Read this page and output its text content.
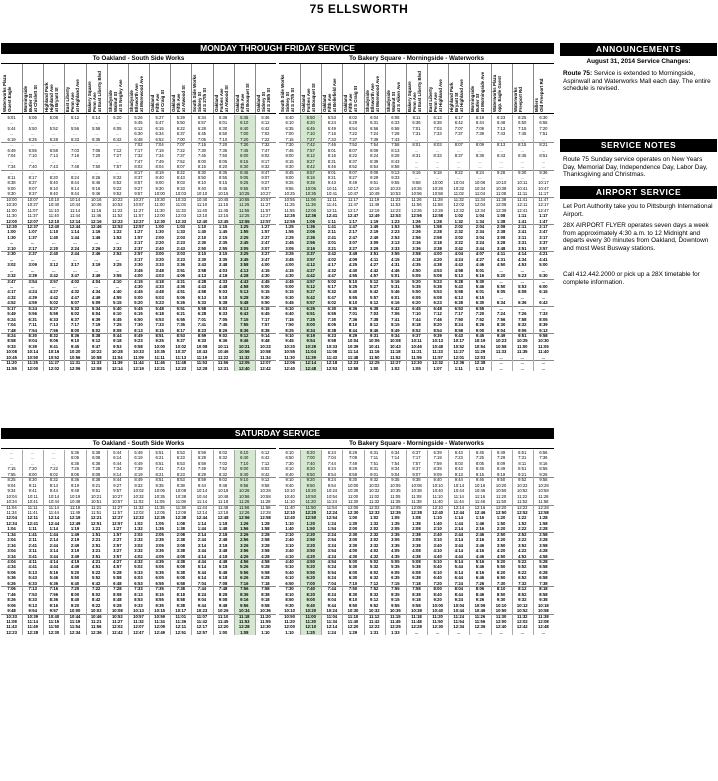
75 ELLSWORTH
MONDAY THROUGH FRIDAY SERVICE
To Oakland - South Side Works	To Bakery Square - Morningside - Waterworks
Waterworks Plaza
Guest Eagle	Morningside
Butler St
at Chislett St
Highland Park
Highland Ave
at Bryant St
East Liberty
Penn Ave
at Highland Ave
Bakery Square
Penn Ave
at East Liberty Blvd
Shadyside
Walnut St
at S Negley Ave
Shadyside
Ellsworth Ave
at Morewood Ave
Oakland
Fifth Ave
at Craig St
Oakland
Fifth Ave
at Atwood St
South Side Works
Sidney St
at S 27th St
Oakland
Forbes Ave
at Atwood St
Oakland
Fifth Ave
at Bouquet St
Oakland
Sidney St
at S 26th St
South Side Works
Sidney St
at S 27th St
Oakland
Forbes Ave
at Bouquet St
Oakland
Fifth Ave
at Bellefield Ave
Oakland
Fifth Ave
at S Craig St
Shadyside
Ellsworth Ave
at Morewood Ave
Shadyside
Walnut St
at S Aiken Ave
Bakery Square
Penn Ave
at East Liberty Blvd
East Liberty
Penn Ave
at Highland Ave
Highland Park
Bryant St
at Highland Ave
Morningside
Butler St
at Morningside Ave
Waterworks Plaza
opp. Eagle Guest
Waterworks
Freeport Rd
Millers
Old Freeport Rd
5:01	5:06	5:08	5:12	5:14	5:20	5:26	5:27	5:29	5:34	5:36	5:45	5:46
...	...	...	...	...	...	5:45	5:47	5:50	5:57	6:01	6:10	6:12
5:44	5:50	5:52	5:56	5:58	6:05	6:12	6:15	6:22	6:28	6:30	6:40	6:42
...	...	...	...	...	...	6:30	6:34	6:37	6:45	6:50	7:00	7:02
6:19	6:25	6:28	6:33	6:35	6:42	6:48	6:52	7:00	7:05	7:10	7:20	7:22
...	...	...	...	...	...	7:02	7:04	7:07	7:15	7:20	7:30	7:32
6:49	6:55	6:58	7:03	7:05	7:12	7:17	7:19	7:22	7:30	7:35	7:45	7:47
7:04	7:10	7:13	7:18	7:20	7:27	7:32	7:34	7:37	7:45	7:50	8:00	8:02
...	...	...	...	...	...	7:47	7:49	7:52	8:00	8:05	8:15	8:17
7:34	7:40	7:43	7:48	7:50	7:57	8:02	8:04	8:07	8:15	8:20	8:30	8:32
...	...	...	...	...	...	8:17	8:19	8:22	8:30	8:35	8:45	8:47
8:11	8:17	8:20	8:24	8:26	8:32	8:37	8:40	8:43	8:50	8:55	9:05	9:07
8:38	8:37	8:40	8:44	8:46	8:52	8:57	9:00	9:03	9:10	9:15	9:25	9:27
9:00	9:07	9:10	9:14	9:16	9:22	9:27	9:30	9:33	9:40	9:45	9:55	9:57
9:30	9:37	9:40	9:44	9:46	9:52	9:57	10:00	10:03	10:10	10:15	10:25	10:27
10:00	10:07	10:10	10:14	10:16	10:22	10:27	10:30	10:33	10:40	10:45	10:55	10:57
10:30	10:37	10:40	10:44	10:46	10:52	10:57	11:00	11:03	11:10	11:15	11:25	11:27
11:00	11:07	11:10	11:14	11:16	11:22	11:27	11:30	11:33	11:40	11:45	11:55	11:57
11:30	11:37	11:40	11:44	11:46	11:52	11:57	12:00	12:03	12:10	12:15	12:25	12:27
12:00	12:07	12:10	12:14	12:16	12:22	12:27	12:30	12:33	12:40	12:45	12:55	12:57
12:30	12:37	12:40	12:44	12:46	12:52	12:57	1:00	1:03	1:10	1:15	1:25	1:27
1:00	1:07	1:10	1:14	1:16	1:22	1:27	1:30	1:33	1:40	1:45	1:55	1:57
1:30	1:37	1:40	1:44	1:46	1:52	1:57	2:00	2:03	2:10	2:15	2:25	2:27
...	...	...	...	...	...	2:17	2:20	2:23	2:30	2:35	2:45	2:47
2:10	2:17	2:20	2:24	2:26	2:32	2:37	2:40	2:43	2:50	2:55	3:05	3:07
2:30	2:37	2:40	2:44	2:46	2:52	2:57	3:00	3:03	3:10	3:15	3:25	3:27
...	...	...	...	...	...	3:17	3:20	3:23	3:30	3:35	3:45	3:47
3:02	3:09	3:12	3:17	3:19	3:25	3:30	3:33	3:36	3:43	3:48	3:58	4:00
...	...	...	...	...	...	3:45	3:48	3:51	3:58	4:03	4:13	4:15
3:32	3:39	3:42	3:47	3:49	3:55	4:00	4:03	4:06	4:13	4:18	4:28	4:30
3:47	3:54	3:57	4:02	4:04	4:10	4:15	4:18	4:21	4:28	4:33	4:43	4:45
...	...	...	...	...	...	4:30	4:33	4:36	4:43	4:48	4:58	5:00
4:17	4:24	4:27	4:32	4:34	4:40	4:45	4:48	4:51	4:58	5:03	5:13	5:15
4:32	4:39	4:42	4:47	4:49	4:55	5:00	5:03	5:06	5:13	5:18	5:28	5:30
4:52	4:59	5:02	5:07	5:09	5:15	5:20	5:23	5:26	5:33	5:38	5:48	5:50
5:17	5:24	5:27	5:32	5:34	5:40	5:45	5:48	5:51	5:58	6:03	6:13	6:15
5:49	5:56	5:59	6:02	6:04	6:10	6:15	6:18	6:21	6:28	6:33	6:43	6:45
6:24	6:31	6:33	6:37	6:39	6:45	6:50	6:53	6:55	7:01	7:05	7:15	7:17
7:04	7:11	7:13	7:17	7:19	7:25	7:30	7:33	7:35	7:41	7:45	7:55	7:57
7:48	7:54	7:56	8:00	8:02	8:08	8:13	8:15	8:17	8:23	8:26	8:36	8:38
8:24	8:30	8:32	8:36	8:38	8:44	8:49	8:51	8:53	8:59	9:02	9:12	9:14
8:58	9:04	9:06	9:10	9:12	9:18	9:23	9:25	9:27	9:33	9:36	9:46	9:48
9:33	9:39	9:41	9:45	9:47	9:53	9:58	10:00	10:02	10:08	10:11	10:21	10:23
10:08	10:14	10:16	10:20	10:22	10:28	10:33	10:35	10:37	10:43	10:46	10:56	10:58
10:45	10:50	10:52	10:56	10:58	11:04	11:09	11:11	11:13	11:19	11:22	11:32	11:34
11:20	11:25	11:27	11:31	11:33	11:39	11:44	11:46	11:48	11:53	11:56	12:05	12:07
11:55	12:00	12:02	12:06	12:08	12:14	12:19	12:21	12:23	12:28	12:31	12:40	12:42
5:40	5:50	5:53	6:02	6:04	6:08	6:11	6:13	6:17	6:19	6:23	6:25	6:30
6:10	6:20	6:24	6:29	6:31	6:33	6:36	6:38	6:42	6:44	6:48	6:50	6:55
6:35	6:45	6:49	6:54	6:56	6:58	7:01	7:03	7:07	7:09	7:13	7:15	7:20
7:00	7:10	7:16	7:22	7:24	7:28	7:31	7:33	7:37	7:39	7:43	7:45	7:51
7:15	7:27	7:33	7:37	7:39	7:43	...	...	...	...	...	...	...
7:30	7:42	7:46	7:52	7:54	7:58	8:01	8:03	8:07	8:09	8:13	8:15	8:21
7:45	7:57	8:01	8:07	8:09	8:13	...	...	...	...	...	...	...
8:00	8:12	8:16	8:22	8:24	8:28	8:31	8:33	8:37	8:39	8:43	8:45	8:51
8:15	8:27	8:31	8:37	8:39	8:43	...	...	...	...	...	...	...
8:30	8:42	8:46	8:52	8:54	8:58	...	...	...	...	...	...	...
8:45	8:57	9:01	9:07	9:09	9:13	9:16	9:18	9:22	9:24	9:28	9:30	9:36
9:00	9:16	9:21	9:27	9:29	9:33	...	...	...	...	...	...	...
9:25	9:38	9:43	9:49	9:51	9:55	9:58	10:00	10:04	10:06	10:10	10:11	10:17
9:55	10:06	10:11	10:17	10:19	10:23	10:26	10:28	10:32	10:34	10:38	10:41	10:47
10:25	10:36	10:41	10:47	10:49	10:53	10:56	10:58	11:02	11:04	11:08	11:11	11:17
10:55	11:06	11:11	11:17	11:19	11:23	11:26	11:28	11:32	11:34	11:38	11:41	11:47
11:25	11:36	11:41	11:47	11:49	11:53	11:56	11:58	12:02	12:04	12:08	12:11	12:17
11:55	12:06	12:11	12:17	12:19	12:23	12:26	12:28	12:32	12:34	12:38	12:41	12:47
12:25	12:36	12:41	12:47	12:49	12:53	12:56	12:58	1:02	1:04	1:08	1:11	1:17
12:55	1:06	1:11	1:17	1:19	1:23	1:26	1:28	1:32	1:34	1:38	1:41	1:47
1:25	1:36	1:41	1:47	1:49	1:53	1:56	1:58	2:02	2:04	2:08	2:11	2:17
1:55	2:06	2:11	2:17	2:19	2:23	2:26	2:28	2:32	2:34	2:38	2:41	2:47
2:25	2:36	2:41	2:47	2:49	2:53	2:56	2:58	3:02	3:04	3:08	3:11	3:17
2:45	2:56	3:01	3:07	3:09	3:13	3:16	3:18	3:22	3:24	3:28	3:31	3:37
3:05	3:16	3:21	3:27	3:29	3:33	3:36	3:38	3:42	3:44	3:48	3:51	3:57
3:25	3:37	3:42	3:49	3:51	3:55	3:58	4:00	4:04	4:07	4:11	4:14	4:21
3:45	3:57	4:02	4:09	4:11	4:15	4:18	4:20	4:24	4:27	4:31	4:34	4:41
4:00	4:12	4:17	4:25	4:27	4:31	4:35	4:38	4:43	4:46	4:50	4:53	5:00
4:15	4:27	4:32	4:40	4:42	4:46	4:50	4:53	4:58	5:01	...	...	...
4:30	4:42	4:47	4:55	4:57	5:01	5:05	5:08	5:13	5:16	5:20	5:23	5:30
4:45	4:57	5:02	5:10	5:12	5:16	5:20	5:23	5:28	5:30	...	...	...
5:00	5:12	5:17	5:25	5:27	5:31	5:35	5:38	5:43	5:46	5:50	5:53	6:00
5:15	5:27	5:32	5:40	5:42	5:46	5:50	5:53	5:58	6:01	6:05	6:08	6:15
5:30	5:42	5:47	5:55	5:57	6:01	6:05	6:08	6:13	6:15	...	...	...
5:45	5:57	6:02	6:10	6:12	6:16	6:20	6:23	6:28	6:30	6:34	6:36	6:43
6:10	6:25	6:30	6:36	6:38	6:42	6:45	6:48	6:53	6:55	...	...	...
6:40	6:51	6:55	7:01	7:03	7:06	7:10	7:12	7:17	7:20	7:24	7:26	7:33
7:15	7:25	7:30	7:36	7:38	7:41	7:44	7:46	7:50	7:52	7:56	7:58	8:05
7:50	8:00	8:05	8:10	8:12	8:15	8:18	8:20	8:24	8:26	8:30	8:32	8:39
8:25	8:34	8:38	8:44	8:46	8:49	8:52	8:54	8:58	9:00	9:04	9:06	9:13
9:10	9:19	9:23	9:29	9:31	9:34	9:37	9:39	9:43	9:45	9:49	9:51	9:58
9:45	9:54	9:58	10:04	10:06	10:08	10:11	10:13	10:17	10:19	10:23	10:25	10:30
10:20	10:29	10:33	10:39	10:41	10:43	10:46	10:48	10:52	10:54	10:58	11:00	11:05
10:55	11:04	11:08	11:14	11:16	11:18	11:21	11:23	11:27	11:29	11:33	11:35	11:40
11:30	11:39	11:43	11:48	11:50	11:52	11:55	11:57	12:01	12:03	...	...	...
12:06	12:14	12:18	12:23	12:25	12:27	12:30	12:32	12:36	12:38	...	...	...
12:40	12:48	12:53	12:58	1:00	1:02	1:05	1:07	1:11	1:13	...	...	...
SATURDAY SERVICE
To Oakland - South Side Works	To Bakery Square - Morningside - Waterworks
...	...	...	5:36	5:38	5:44	5:49	5:51	5:53	5:59	6:02	6:10	6:12
...	...	...	6:06	6:08	6:14	6:19	6:21	6:23	6:29	6:32	6:40	6:42
...	...	...	6:36	6:38	6:44	6:49	6:51	6:53	6:59	7:02	7:10	7:12
7:15	7:20	7:22	7:26	7:28	7:34	7:39	7:41	7:43	7:49	7:52	8:00	8:02
7:55	8:00	8:02	8:06	8:08	8:14	8:19	8:21	8:23	8:29	8:32	8:40	8:42
8:25	8:30	8:32	8:36	8:38	8:44	8:49	8:51	8:53	8:59	9:02	9:10	9:12
9:04	9:11	9:14	9:19	9:21	9:27	9:32	9:35	9:38	9:44	9:48	9:56	9:58
9:34	9:41	9:44	9:49	9:51	9:57	10:02	10:05	10:08	10:14	10:18	10:26	10:28
10:04	10:11	10:14	10:19	10:21	10:27	10:32	10:35	10:38	10:44	10:48	10:56	10:58
10:34	10:41	10:44	10:49	10:51	10:57	11:02	11:05	11:08	11:14	11:18	11:26	11:28
11:04	11:11	11:14	11:19	11:21	11:27	11:32	11:35	11:38	11:44	11:48	11:56	11:58
11:34	11:41	11:44	11:49	11:51	11:57	12:02	12:05	12:08	12:14	12:18	12:26	12:28
12:04	12:11	12:14	12:19	12:21	12:27	12:32	12:35	12:38	12:44	12:48	12:56	12:58
12:34	12:41	12:44	12:49	12:51	12:57	1:02	1:05	1:08	1:14	1:18	1:26	1:28
1:04	1:11	1:14	1:19	1:21	1:27	1:32	1:35	1:38	1:44	1:48	1:56	1:58
1:34	1:41	1:44	1:49	1:51	1:57	2:02	2:05	2:08	2:14	2:18	2:26	2:28
2:04	2:11	2:14	2:19	2:21	2:27	2:32	2:35	2:38	2:44	2:48	2:56	2:58
2:34	2:41	2:44	2:49	2:51	2:57	3:02	3:05	3:08	3:14	3:18	3:26	3:28
3:04	3:11	3:14	3:19	3:21	3:27	3:32	3:35	3:38	3:44	3:48	3:56	3:58
3:34	3:41	3:44	3:49	3:51	3:57	4:02	4:05	4:08	4:14	4:18	4:26	4:28
4:04	4:11	4:14	4:19	4:21	4:27	4:32	4:35	4:38	4:44	4:48	4:56	4:58
4:34	4:41	4:44	4:49	4:51	4:57	5:02	5:05	5:08	5:14	5:18	5:26	5:28
5:06	5:13	5:16	5:20	5:22	5:28	5:33	5:35	5:38	5:44	5:48	5:56	5:58
5:36	5:43	5:46	5:50	5:52	5:58	6:03	6:05	6:08	6:14	6:18	6:26	6:28
6:26	6:33	6:36	6:40	6:42	6:48	6:53	6:55	6:58	7:04	7:08	7:16	7:18
7:06	7:13	7:16	7:20	7:22	7:28	7:33	7:35	7:38	7:44	7:48	7:56	7:58
7:46	7:53	7:56	8:00	8:02	8:08	8:13	8:15	8:18	8:24	8:28	8:36	8:38
8:26	8:33	8:36	8:40	8:42	8:48	8:53	8:55	8:58	9:04	9:08	9:16	9:18
9:06	9:13	9:16	9:20	9:22	9:28	9:33	9:35	9:38	9:44	9:48	9:56	9:58
9:48	9:54	9:57	10:00	10:02	10:08	10:13	10:15	10:17	10:23	10:26	10:34	10:36
10:33	10:39	10:40	10:44	10:46	10:52	10:57	10:59	11:01	11:07	11:10	11:18	11:20
11:08	11:14	11:15	11:19	11:21	11:27	11:32	11:34	11:36	11:42	11:45	11:53	11:55
11:43	11:49	11:50	11:54	11:56	12:02	12:07	12:09	12:11	12:17	12:20	12:28	12:30
12:23	12:28	12:30	12:34	12:36	12:42	12:47	12:49	12:51	12:57	1:00	1:08	1:10
6:10	6:20	6:24	6:29	6:31	6:34	6:37	6:39	6:43	6:45	6:49	6:51	6:56
6:50	7:00	7:04	7:09	7:11	7:14	7:17	7:19	7:23	7:25	7:29	7:31	7:36
7:30	7:40	7:44	7:49	7:51	7:54	7:57	7:59	8:03	8:05	8:09	8:11	8:16
8:10	8:20	8:24	8:29	8:31	8:34	8:37	8:39	8:43	8:45	8:49	8:51	8:56
8:40	8:50	8:54	8:59	9:01	9:04	9:07	9:09	9:13	9:15	9:19	9:21	9:26
9:10	9:20	9:24	9:30	9:32	9:35	9:38	9:40	9:44	9:46	9:50	9:52	9:58
9:40	9:50	9:54	10:00	10:02	10:05	10:08	10:10	10:14	10:16	10:20	10:22	10:28
10:10	10:20	10:24	10:30	10:32	10:35	10:38	10:40	10:44	10:46	10:50	10:52	10:58
10:40	10:50	10:54	11:00	11:02	11:05	11:08	11:10	11:14	11:16	11:20	11:22	11:28
11:10	11:20	11:24	11:30	11:32	11:35	11:38	11:40	11:44	11:46	11:50	11:52	11:58
11:40	11:50	11:54	12:00	12:02	12:05	12:08	12:10	12:14	12:16	12:20	12:22	12:28
12:10	12:20	12:24	12:30	12:32	12:35	12:38	12:40	12:44	12:46	12:50	12:52	12:58
12:40	12:50	12:54	1:00	1:02	1:05	1:08	1:10	1:14	1:16	1:20	1:22	1:28
1:10	1:20	1:24	1:30	1:32	1:35	1:38	1:40	1:44	1:46	1:50	1:52	1:58
1:40	1:50	1:54	2:00	2:02	2:05	2:08	2:10	2:14	2:16	2:20	2:22	2:28
2:10	2:20	2:24	2:30	2:32	2:35	2:38	2:40	2:44	2:46	2:50	2:52	2:58
2:40	2:50	2:54	3:00	3:02	3:05	3:08	3:10	3:14	3:16	3:20	3:22	3:28
3:10	3:20	3:24	3:30	3:32	3:35	3:38	3:40	3:44	3:46	3:50	3:52	3:58
3:40	3:50	3:54	4:00	4:02	4:05	4:08	4:10	4:14	4:16	4:20	4:22	4:28
4:10	4:20	4:24	4:30	4:32	4:35	4:38	4:40	4:44	4:46	4:50	4:52	4:58
4:40	4:50	4:54	5:00	5:02	5:05	5:08	5:10	5:14	5:16	5:20	5:22	5:28
5:10	5:20	5:24	5:30	5:32	5:35	5:38	5:40	5:44	5:46	5:50	5:52	5:58
5:40	5:50	5:54	6:00	6:02	6:05	6:08	6:10	6:14	6:16	6:20	6:22	6:28
6:10	6:20	6:24	6:30	6:32	6:35	6:38	6:40	6:44	6:46	6:50	6:52	6:58
6:50	7:00	7:04	7:10	7:12	7:15	7:18	7:20	7:24	7:26	7:30	7:32	7:38
7:30	7:40	7:44	7:50	7:52	7:55	7:58	8:00	8:04	8:06	8:10	8:12	8:18
8:10	8:20	8:24	8:30	8:32	8:35	8:38	8:40	8:44	8:46	8:50	8:52	8:58
8:50	9:00	9:04	9:10	9:12	9:15	9:18	9:20	9:24	9:26	9:30	9:32	9:38
9:30	9:40	9:44	9:50	9:52	9:55	9:58	10:00	10:04	10:06	10:10	10:12	10:18
10:10	10:20	10:24	10:30	10:32	10:35	10:38	10:40	10:44	10:46	10:50	10:52	10:58
10:50	11:00	11:04	11:10	11:12	11:15	11:18	11:20	11:24	11:26	11:30	11:32	11:38
11:20	11:30	11:34	11:40	11:42	11:45	11:48	11:50	11:54	11:56	12:00	12:02	12:08
12:00	12:10	12:14	12:20	12:22	12:25	12:28	12:30	12:34	12:36	12:40	12:42	12:48
1:10	1:20	1:24	1:29	1:31	1:33	...	...	...	...	...	...	...
ANNOUNCEMENTS
August 31, 2014 Service Changes:
Route 75: Service is extended to Morningside, Aspinwall and Waterworks Mall each day. The entire schedule is revised.
SERVICE NOTES
Route 75 Sunday service operates on New Years Day, Memorial Day, Independence Day, Labor Day, Thanksgiving and Christmas.
AIRPORT SERVICE
Let Port Authority take you to Pittsburgh International Airport.
28X AIRPORT FLYER operates seven days a week from approximately 4:30 a.m. to 12 Midnight and departs every 30 minutes from Oakland, Downtown and most West Busway stations.
Call 412.442.2000 or pick up a 28X timetable for complete information.
